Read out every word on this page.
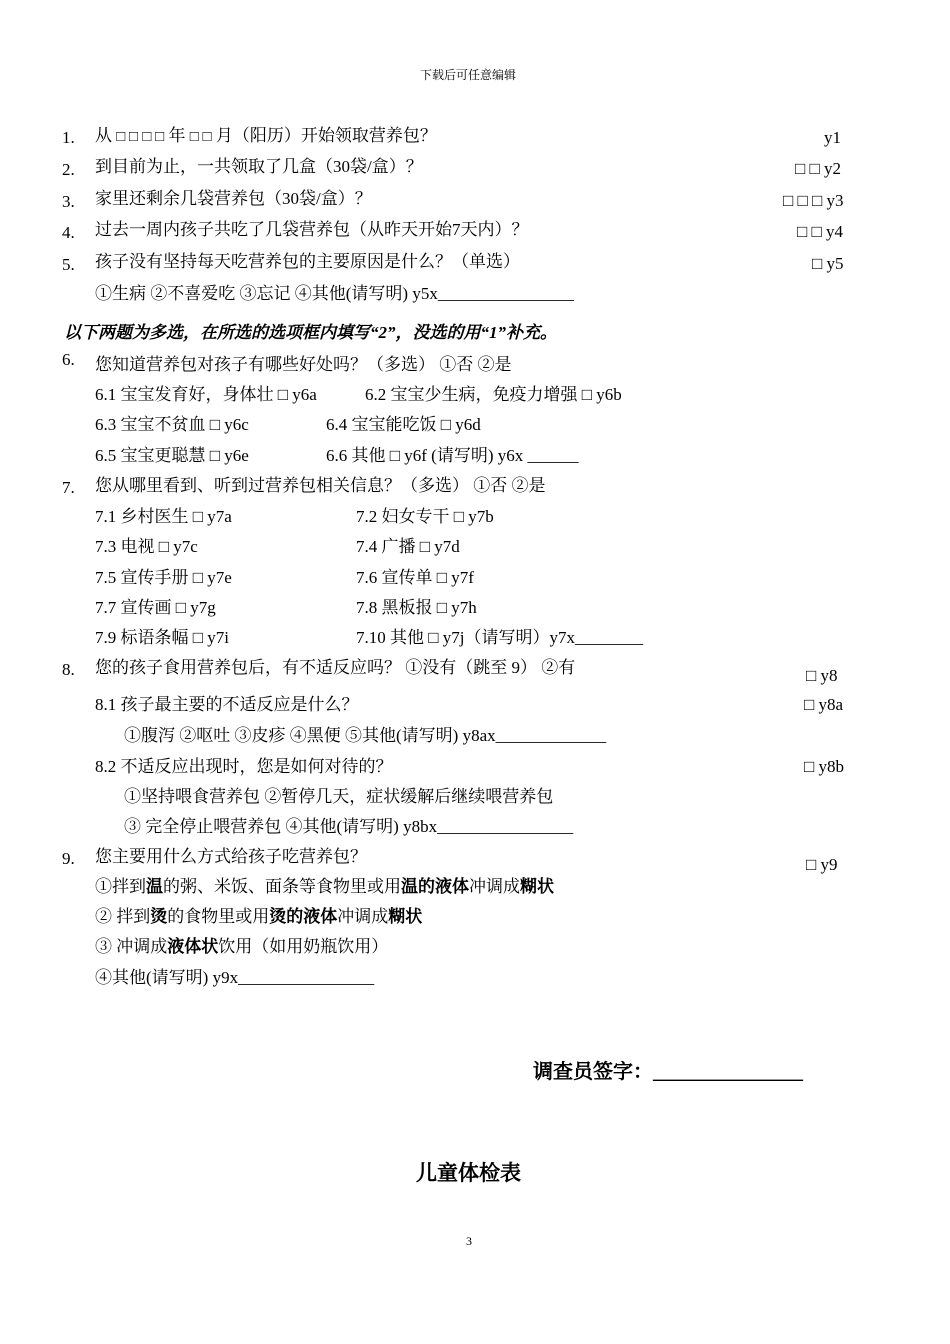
下载后可任意编辑
1. 从 □ □ □ □ 年 □ □ 月（阳历）开始领取营养包？	y1
2. 到目前为止，一共领取了几盒（30袋/盒）？	□ □ y2
3. 家里还剩余几袋营养包（30袋/盒）？	□ □ □ y3
4. 过去一周内孩子共吃了几袋营养包（从昨天开始7天内）？	□ □ y4
5. 孩子没有坚持每天吃营养包的主要原因是什么？（单选）	□ y5
①生病 ②不喜爱吃 ③忘记 ④其他(请写明) y5x________________
以下两题为多选，在所选的选项框内填写“2”，没选的用“1”补充。
6. 您知道营养包对孩子有哪些好处吗？（多选） ①否 ②是
6.1 宝宝发育好，身体壮 □ y6a	6.2 宝宝少生病，免疫力增强 □ y6b
6.3 宝宝不贫血 □ y6c	6.4 宝宝能吃饭 □ y6d
6.5 宝宝更聪慧 □ y6e	6.6 其他 □ y6f (请写明) y6x ______
7. 您从哪里看到、听到过营养包相关信息？（多选） ①否 ②是
7.1 乡村医生 □ y7a	7.2 妇女专干 □ y7b
7.3 电视 □ y7c	7.4 广播 □ y7d
7.5 宣传手册 □ y7e	7.6 宣传单 □ y7f
7.7 宣传画 □ y7g	7.8 黑板报 □ y7h
7.9 标语条幅 □ y7i	7.10 其他 □ y7j（请写明）y7x________
8. 您的孩子食用营养包后，有不适反应吗？ ①没有（跳至 9） ②有	□ y8
8.1 孩子最主要的不适反应是什么？	□ y8a
①腹泻 ②呕吐 ③皮疹 ④黑便 ⑤其他(请写明) y8ax_____________
8.2 不适反应出现时，您是如何对待的？	□ y8b
①坚持喂食营养包 ②暂停几天，症状缓解后继续喂营养包
③ 完全停止喂营养包 ④其他(请写明) y8bx________________
9. 您主要用什么方式给孩子吃营养包？	□ y9
①拌到温的粥、米饭、面条等食物里或用温的液体冲调成糊状
② 拌到烫的食物里或用烫的液体冲调成糊状
③ 冲调成液体状饮用（如用奶瓶饮用）
④其他(请写明) y9x________________
调查员签字：_______________
儿童体检表
3
